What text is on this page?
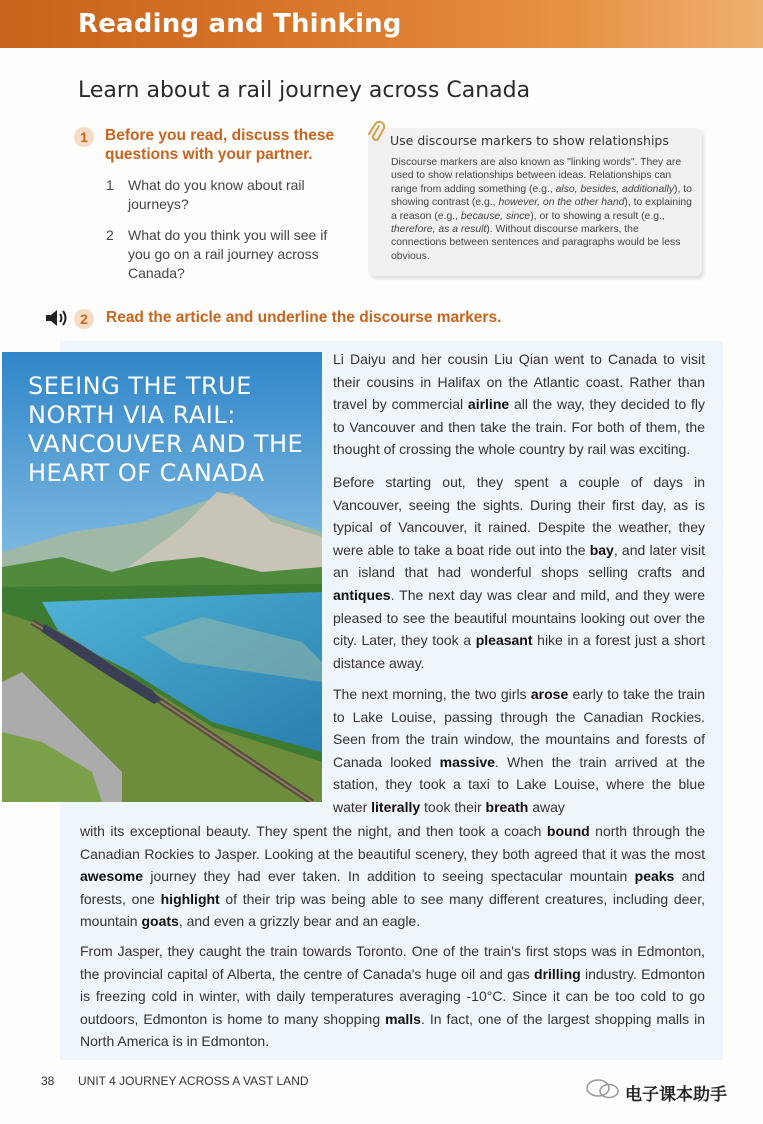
Reading and Thinking
Learn about a rail journey across Canada
1	Before you read, discuss these questions with your partner.
1 What do you know about rail journeys?
2 What do you think you will see if you go on a rail journey across Canada?
Use discourse markers to show relationships
Discourse markers are also known as "linking words". They are used to show relationships between ideas. Relationships can range from adding something (e.g., also, besides, additionally), to showing contrast (e.g., however, on the other hand), to explaining a reason (e.g., because, since), or to showing a result (e.g., therefore, as a result). Without discourse markers, the connections between sentences and paragraphs would be less obvious.
2	Read the article and underline the discourse markers.
SEEING THE TRUE
NORTH VIA RAIL:
VANCOUVER AND THE
HEART OF CANADA
Li Daiyu and her cousin Liu Qian went to Canada to visit their cousins in Halifax on the Atlantic coast. Rather than travel by commercial airline all the way, they decided to fly to Vancouver and then take the train. For both of them, the thought of crossing the whole country by rail was exciting.
Before starting out, they spent a couple of days in Vancouver, seeing the sights. During their first day, as is typical of Vancouver, it rained. Despite the weather, they were able to take a boat ride out into the bay, and later visit an island that had wonderful shops selling crafts and antiques. The next day was clear and mild, and they were pleased to see the beautiful mountains looking out over the city. Later, they took a pleasant hike in a forest just a short distance away.
The next morning, the two girls arose early to take the train to Lake Louise, passing through the Canadian Rockies. Seen from the train window, the mountains and forests of Canada looked massive. When the train arrived at the station, they took a taxi to Lake Louise, where the blue water literally took their breath away
with its exceptional beauty. They spent the night, and then took a coach bound north through the Canadian Rockies to Jasper. Looking at the beautiful scenery, they both agreed that it was the most awesome journey they had ever taken. In addition to seeing spectacular mountain peaks and forests, one highlight of their trip was being able to see many different creatures, including deer, mountain goats, and even a grizzly bear and an eagle.
From Jasper, they caught the train towards Toronto. One of the train's first stops was in Edmonton, the provincial capital of Alberta, the centre of Canada's huge oil and gas drilling industry. Edmonton is freezing cold in winter, with daily temperatures averaging -10°C. Since it can be too cold to go outdoors, Edmonton is home to many shopping malls. In fact, one of the largest shopping malls in North America is in Edmonton.
38 UNIT 4 JOURNEY ACROSS A VAST LAND
电子课本助手
